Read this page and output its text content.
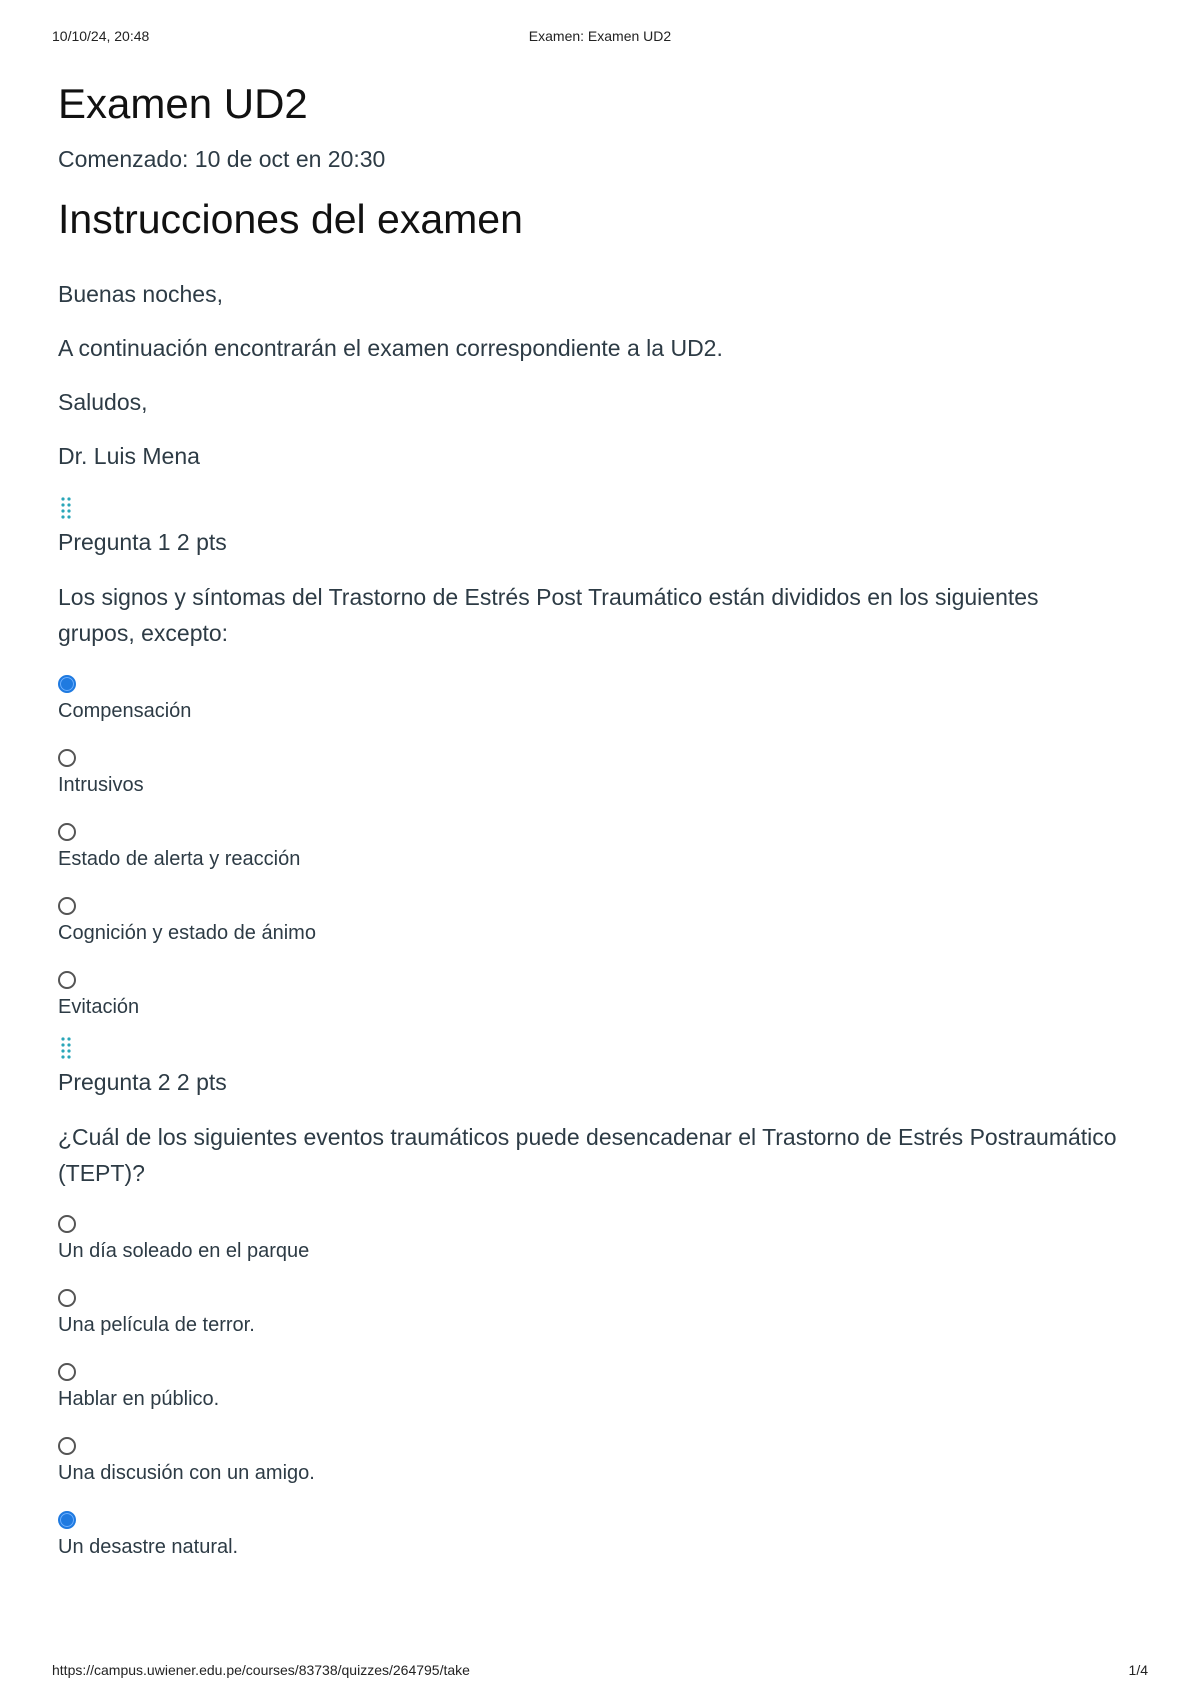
10/10/24, 20:48	Examen: Examen UD2
Examen UD2
Comenzado: 10 de oct en 20:30
Instrucciones del examen

Buenas noches,

A continuación encontrarán el examen correspondiente a la UD2.

Saludos,

Dr. Luis Mena

Pregunta 1 2 pts
Los signos y síntomas del Trastorno de Estrés Post Traumático están divididos en los siguientes grupos, excepto:
Compensación
Intrusivos
Estado de alerta y reacción
Cognición y estado de ánimo
Evitación
Pregunta 2 2 pts
¿Cuál de los siguientes eventos traumáticos puede desencadenar el Trastorno de Estrés Postraumático (TEPT)?
Un día soleado en el parque
Una película de terror.
Hablar en público.
Una discusión con un amigo.
Un desastre natural.
https://campus.uwiener.edu.pe/courses/83738/quizzes/264795/take	1/4
